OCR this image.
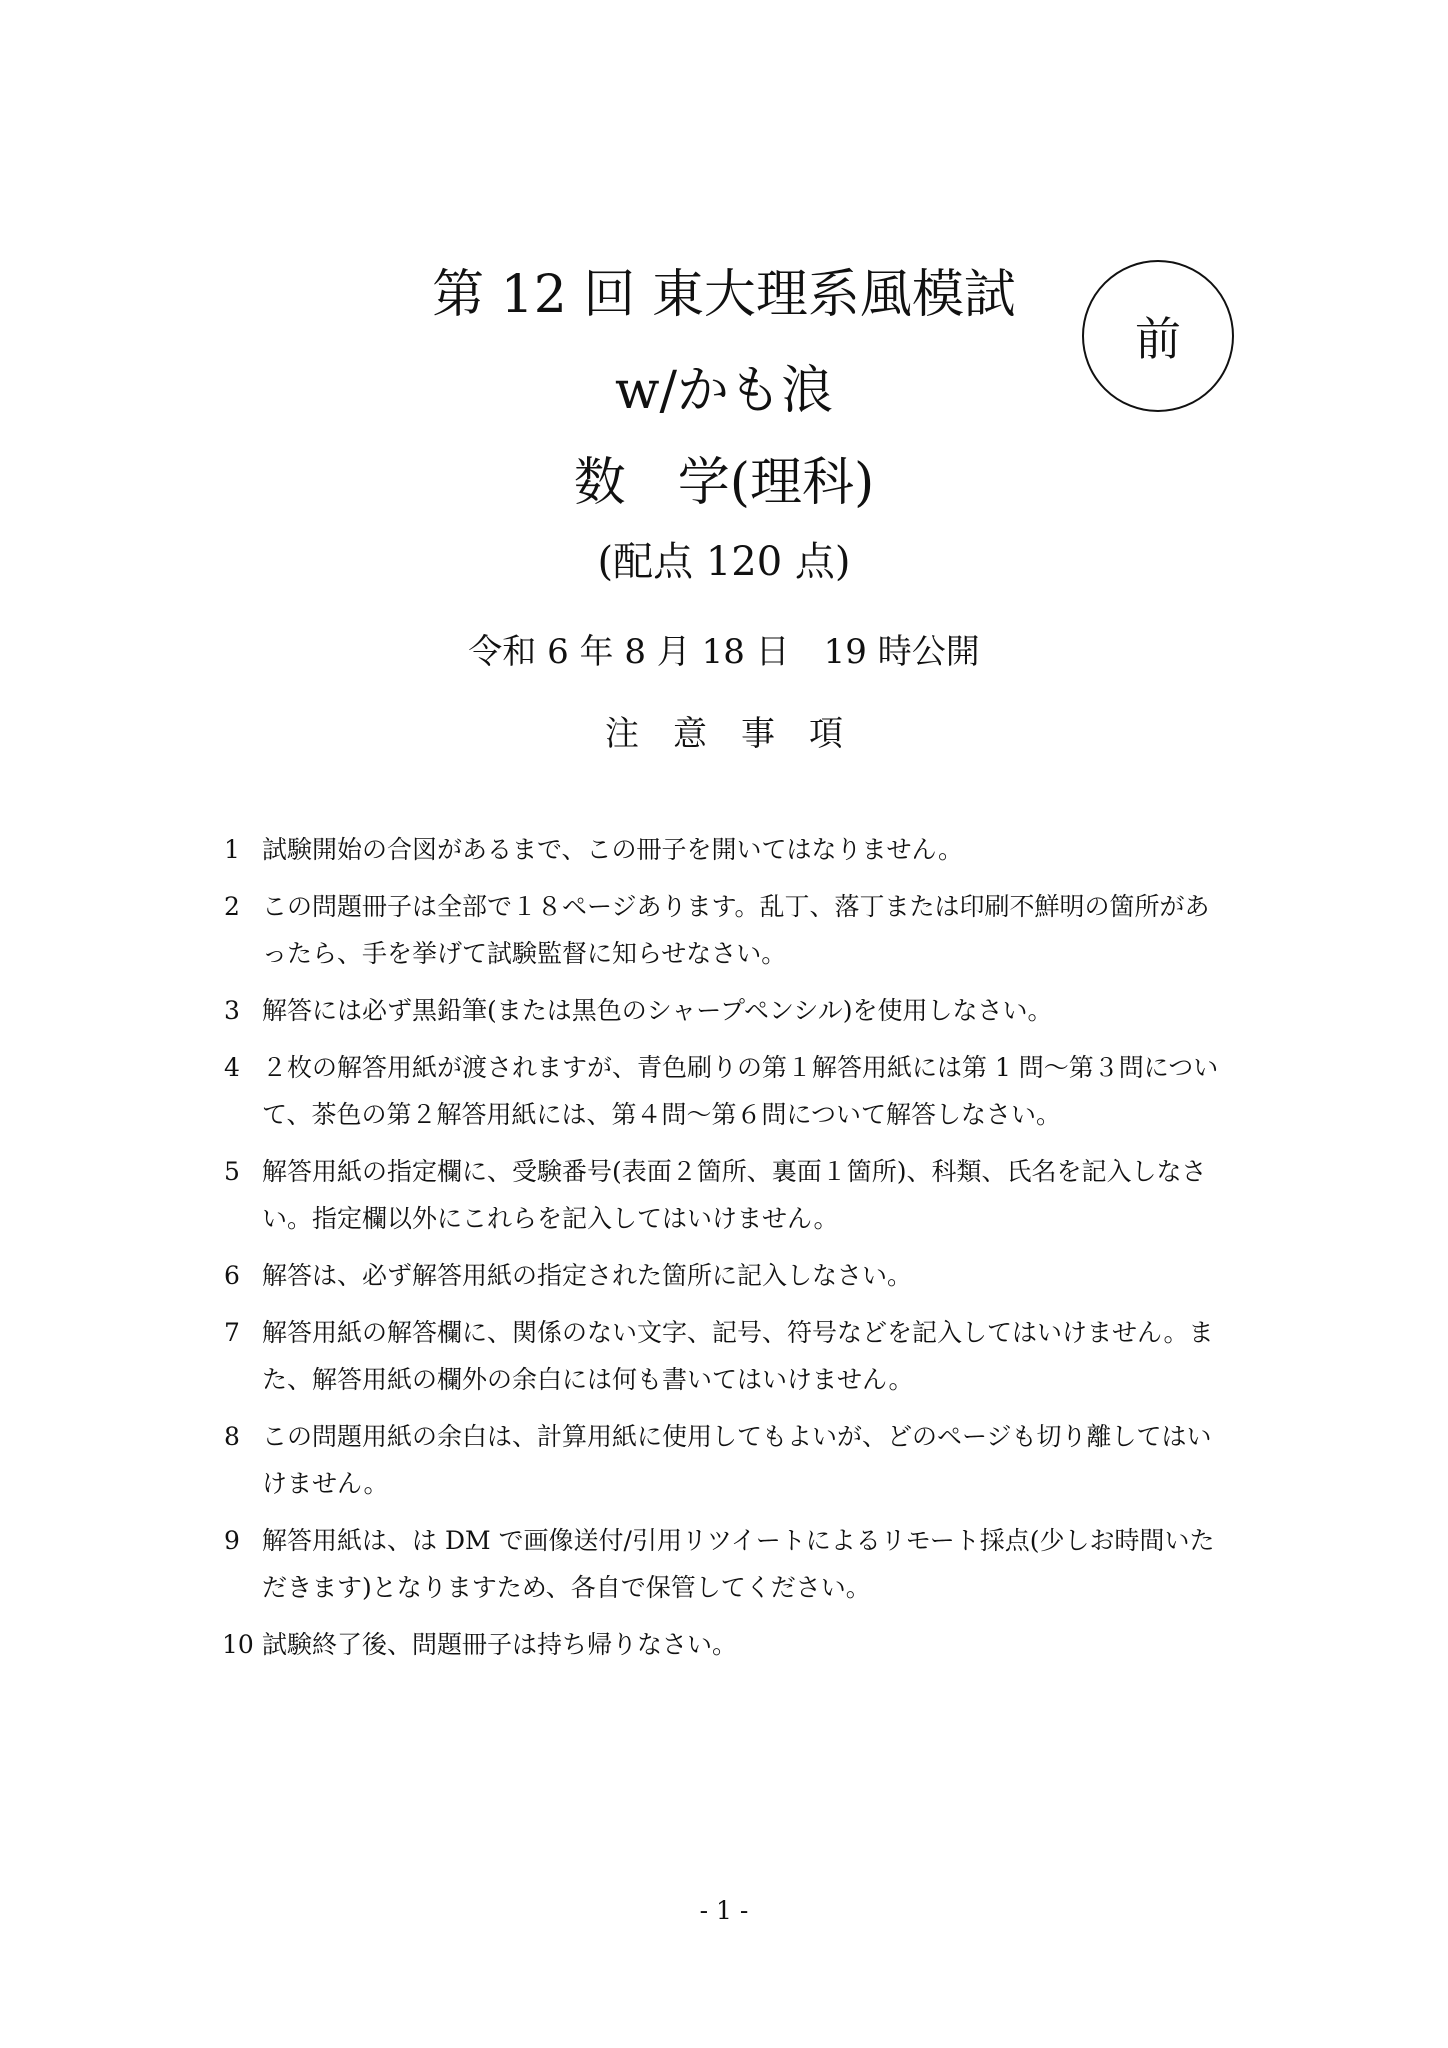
第 12 回 東大理系風模試
w/かも浪
数　学(理科)
(配点 120 点)
令和 6 年 8 月 18 日　19 時公開
注意事項
前
1 試験開始の合図があるまで、この冊子を開いてはなりません。
2 この問題冊子は全部で１８ページあります。乱丁、落丁または印刷不鮮明の箇所があったら、手を挙げて試験監督に知らせなさい。
3 解答には必ず黒鉛筆(または黒色のシャープペンシル)を使用しなさい。
4 ２枚の解答用紙が渡されますが、青色刷りの第１解答用紙には第 1 問〜第３問について、茶色の第２解答用紙には、第４問〜第６問について解答しなさい。
5 解答用紙の指定欄に、受験番号(表面２箇所、裏面１箇所)、科類、氏名を記入しなさい。指定欄以外にこれらを記入してはいけません。
6 解答は、必ず解答用紙の指定された箇所に記入しなさい。
7 解答用紙の解答欄に、関係のない文字、記号、符号などを記入してはいけません。また、解答用紙の欄外の余白には何も書いてはいけません。
8 この問題用紙の余白は、計算用紙に使用してもよいが、どのページも切り離してはいけません。
9 解答用紙は、は DM で画像送付/引用リツイートによるリモート採点(少しお時間いただきます)となりますため、各自で保管してください。
10 試験終了後、問題冊子は持ち帰りなさい。
- 1 -
